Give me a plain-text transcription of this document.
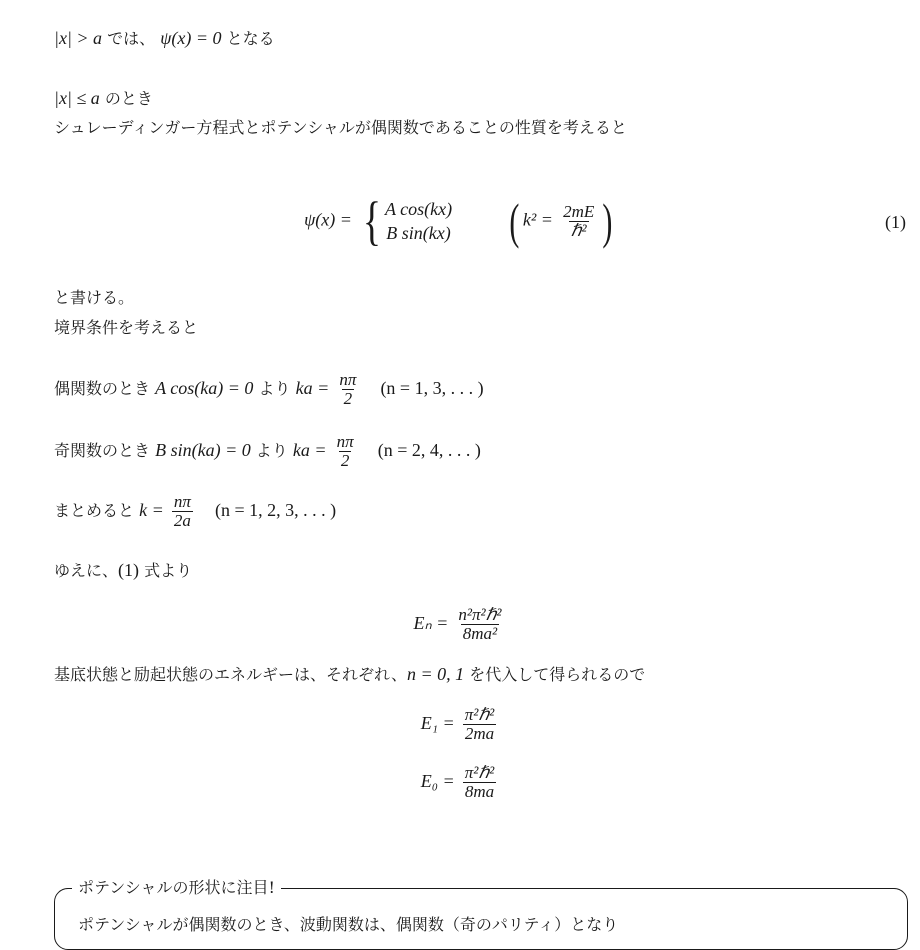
|x| > a では、 ψ(x) = 0 となる
|x| ≤ a のとき
シュレーディンガー方程式とポテンシャルが偶関数であることの性質を考えると
ψ(x) = { A cos(kx)
B sin(kx) ( $k^2 = \frac{2mE}{\text{ℏ²}}$ )	(1)
と書ける。
境界条件を考えると
偶関数のとき A cos(ka) = 0 より ka = $\frac{n\pi}{2} (n = 1$, 3, . . . )
奇関数のとき B sin(ka) = 0 より ka = $\frac{n\pi}{2} (n = 2$, 4, . . . )
まとめると $k = \frac{n\pi}{2a} (n = 1$, 2, 3, . . . )
ゆえに、(1) 式より
$E_n = \frac{\text{n²π²ℏ²}}{\text{8ma²}}$
基底状態と励起状態のエネルギーは、それぞれ、n = 0, 1 を代入して得られるので
$E_1 = \frac{\text{π²ℏ²}}{2ma}$
$E_0 = \frac{\text{π²ℏ²}}{8ma}$
ポテンシャルの形状に注目!
ポテンシャルが偶関数のとき、波動関数は、偶関数（奇のパリティ）となり
